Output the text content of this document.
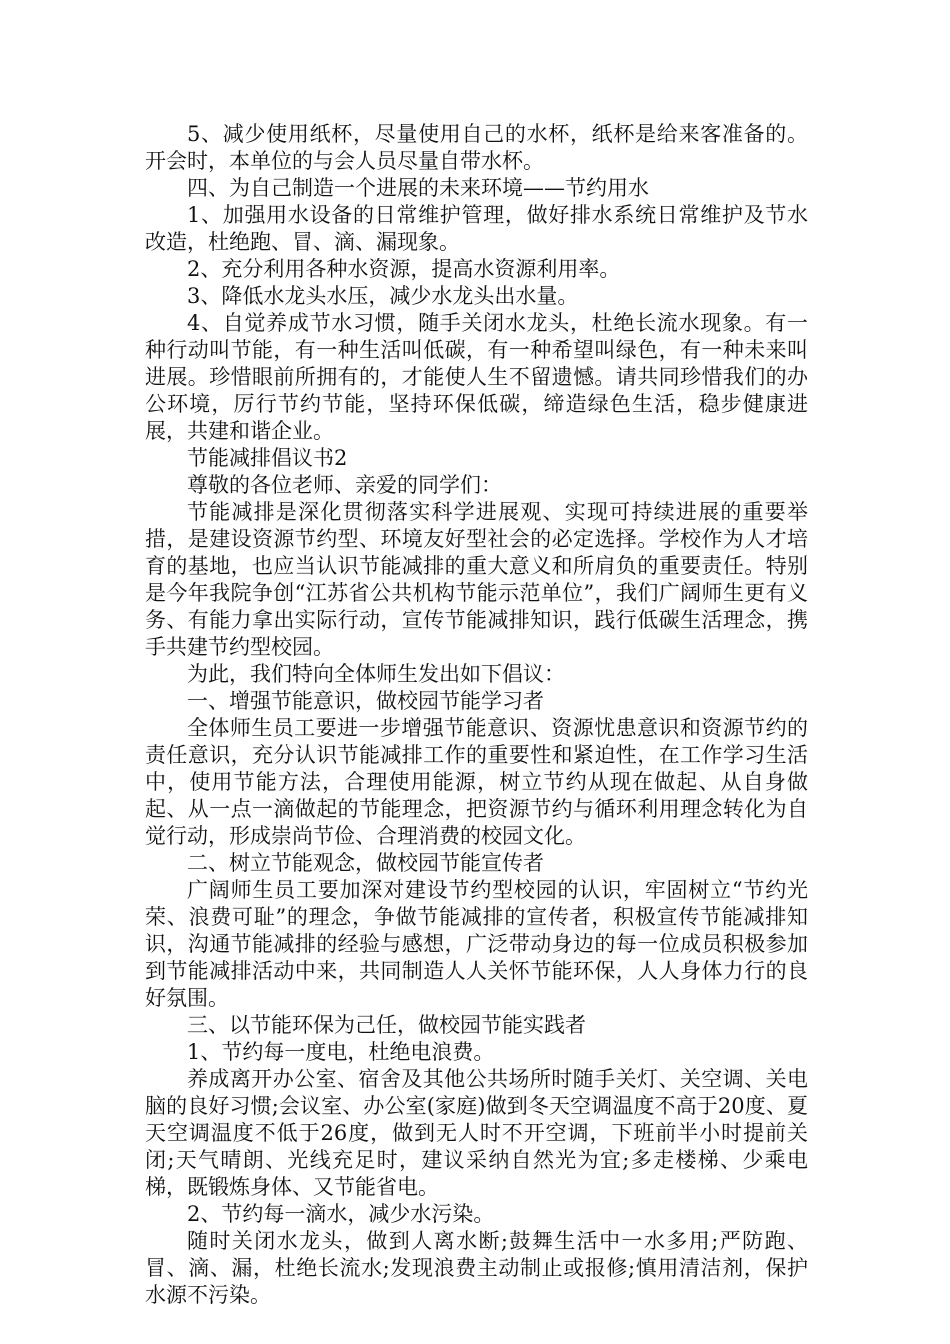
5、减少使用纸杯，尽量使用自己的水杯，纸杯是给来客准备的。开会时，本单位的与会人员尽量自带水杯。

四、为自己制造一个进展的未来环境——节约用水

1、加强用水设备的日常维护管理，做好排水系统日常维护及节水改造，杜绝跑、冒、滴、漏现象。

2、充分利用各种水资源，提高水资源利用率。

3、降低水龙头水压，减少水龙头出水量。

4、自觉养成节水习惯，随手关闭水龙头，杜绝长流水现象。有一种行动叫节能，有一种生活叫低碳，有一种希望叫绿色，有一种未来叫进展。珍惜眼前所拥有的，才能使人生不留遗憾。请共同珍惜我们的办公环境，厉行节约节能，坚持环保低碳，缔造绿色生活，稳步健康进展，共建和谐企业。

节能减排倡议书2

尊敬的各位老师、亲爱的同学们：

节能减排是深化贯彻落实科学进展观、实现可持续进展的重要举措，是建设资源节约型、环境友好型社会的必定选择。学校作为人才培育的基地，也应当认识节能减排的重大意义和所肩负的重要责任。特别是今年我院争创“江苏省公共机构节能示范单位”，我们广阔师生更有义务、有能力拿出实际行动，宣传节能减排知识，践行低碳生活理念，携手共建节约型校园。

为此，我们特向全体师生发出如下倡议：

一、增强节能意识，做校园节能学习者

全体师生员工要进一步增强节能意识、资源忧患意识和资源节约的责任意识，充分认识节能减排工作的重要性和紧迫性，在工作学习生活中，使用节能方法，合理使用能源，树立节约从现在做起、从自身做起、从一点一滴做起的节能理念，把资源节约与循环利用理念转化为自觉行动，形成崇尚节俭、合理消费的校园文化。

二、树立节能观念，做校园节能宣传者

广阔师生员工要加深对建设节约型校园的认识，牢固树立“节约光荣、浪费可耻”的理念，争做节能减排的宣传者，积极宣传节能减排知识，沟通节能减排的经验与感想，广泛带动身边的每一位成员积极参加到节能减排活动中来，共同制造人人关怀节能环保，人人身体力行的良好氛围。

三、以节能环保为己任，做校园节能实践者

1、节约每一度电，杜绝电浪费。

养成离开办公室、宿舍及其他公共场所时随手关灯、关空调、关电脑的良好习惯;会议室、办公室(家庭)做到冬天空调温度不高于20度、夏天空调温度不低于26度，做到无人时不开空调，下班前半小时提前关闭;天气晴朗、光线充足时，建议采纳自然光为宜;多走楼梯、少乘电梯，既锻炼身体、又节能省电。

2、节约每一滴水，减少水污染。

随时关闭水龙头，做到人离水断;鼓舞生活中一水多用;严防跑、冒、滴、漏，杜绝长流水;发现浪费主动制止或报修;慎用清洁剂，保护水源不污染。
